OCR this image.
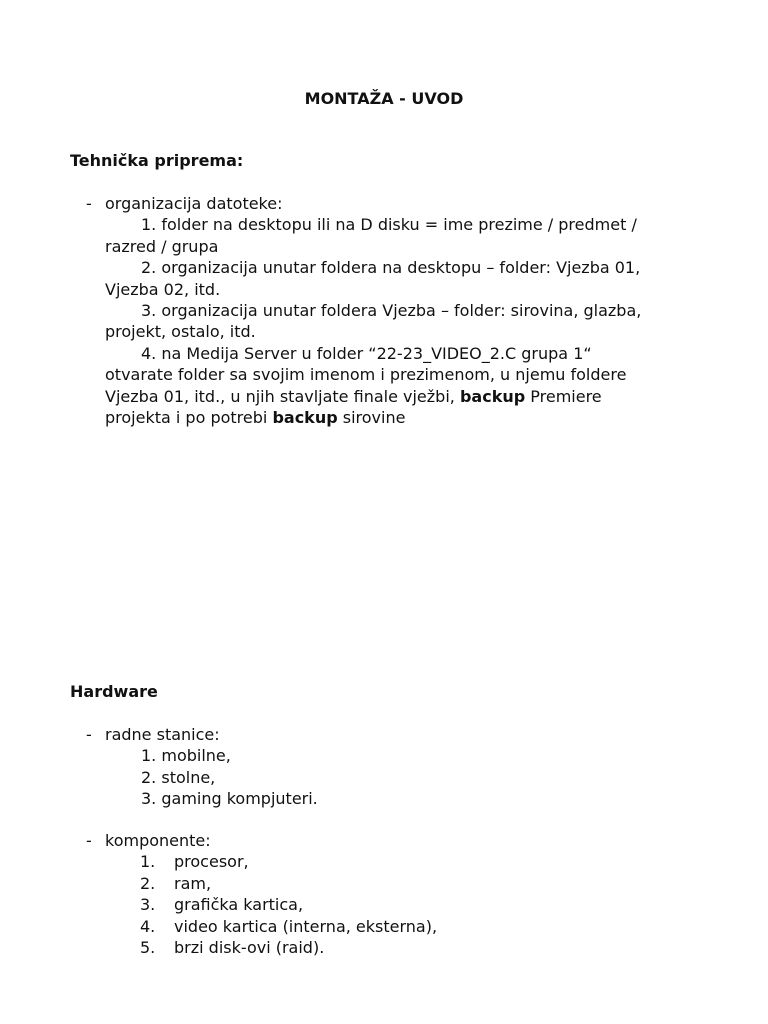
MONTAŽA - UVOD
Tehnička priprema:
- organizacija datoteke:
1. folder na desktopu ili na D disku = ime prezime / predmet /
razred / grupa
2. organizacija unutar foldera na desktopu – folder: Vjezba 01,
Vjezba 02, itd.
3. organizacija unutar foldera Vjezba – folder: sirovina, glazba,
projekt, ostalo, itd.
4. na Medija Server u folder “22-23_VIDEO_2.C grupa 1“
otvarate folder sa svojim imenom i prezimenom, u njemu foldere
Vjezba 01, itd., u njih stavljate finale vježbi, backup Premiere
projekta i po potrebi backup sirovine
Hardware
- radne stanice:
1. mobilne,
2. stolne,
3. gaming kompjuteri.
- komponente:
1.	procesor,
2.	ram,
3.	grafička kartica,
4.	video kartica (interna, eksterna),
5.	brzi disk-ovi (raid).
